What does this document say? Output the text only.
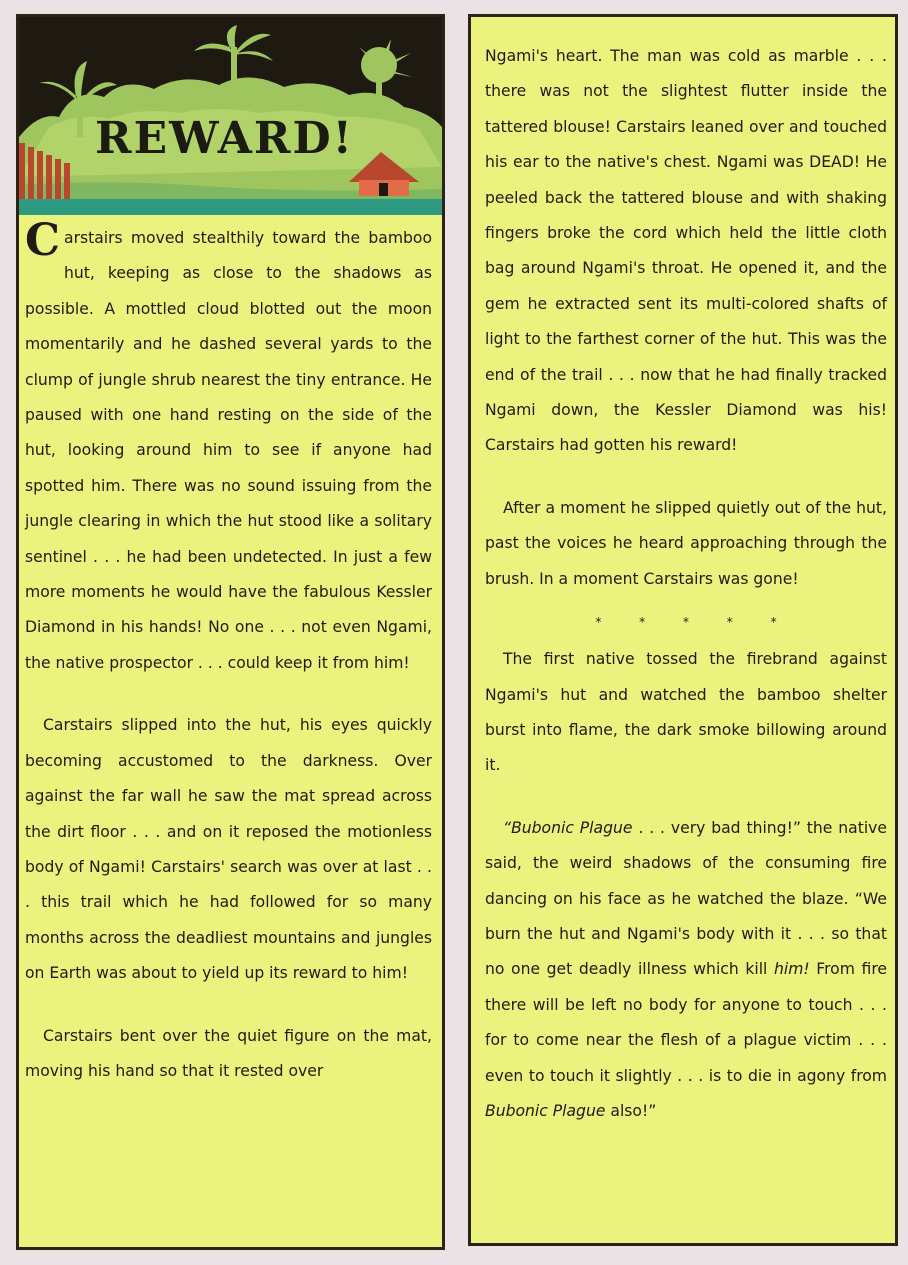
REWARD!

Carstairs moved stealthily toward the bamboo hut, keeping as close to the shadows as possible. A mottled cloud blotted out the moon momentarily and he dashed several yards to the clump of jungle shrub nearest the tiny entrance. He paused with one hand resting on the side of the hut, looking around him to see if anyone had spotted him. There was no sound issuing from the jungle clearing in which the hut stood like a solitary sentinel . . . he had been undetected. In just a few more moments he would have the fabulous Kessler Diamond in his hands! No one . . . not even Ngami, the native prospector . . . could keep it from him!

Carstairs slipped into the hut, his eyes quickly becoming accustomed to the darkness. Over against the far wall he saw the mat spread across the dirt floor . . . and on it reposed the motionless body of Ngami! Carstairs' search was over at last . . . this trail which he had followed for so many months across the deadliest mountains and jungles on Earth was about to yield up its reward to him!

Carstairs bent over the quiet figure on the mat, moving his hand so that it rested over

Ngami's heart. The man was cold as marble . . . there was not the slightest flutter inside the tattered blouse! Carstairs leaned over and touched his ear to the native's chest. Ngami was DEAD! He peeled back the tattered blouse and with shaking fingers broke the cord which held the little cloth bag around Ngami's throat. He opened it, and the gem he extracted sent its multi-colored shafts of light to the farthest corner of the hut. This was the end of the trail . . . now that he had finally tracked Ngami down, the Kessler Diamond was his! Carstairs had gotten his reward!

After a moment he slipped quietly out of the hut, past the voices he heard approaching through the brush. In a moment Carstairs was gone!

* * * * *

The first native tossed the firebrand against Ngami's hut and watched the bamboo shelter burst into flame, the dark smoke billowing around it.

“Bubonic Plague . . . very bad thing!” the native said, the weird shadows of the consuming fire dancing on his face as he watched the blaze. “We burn the hut and Ngami's body with it . . . so that no one get deadly illness which kill him! From fire there will be left no body for anyone to touch . . . for to come near the flesh of a plague victim . . . even to touch it slightly . . . is to die in agony from Bubonic Plague also!”
